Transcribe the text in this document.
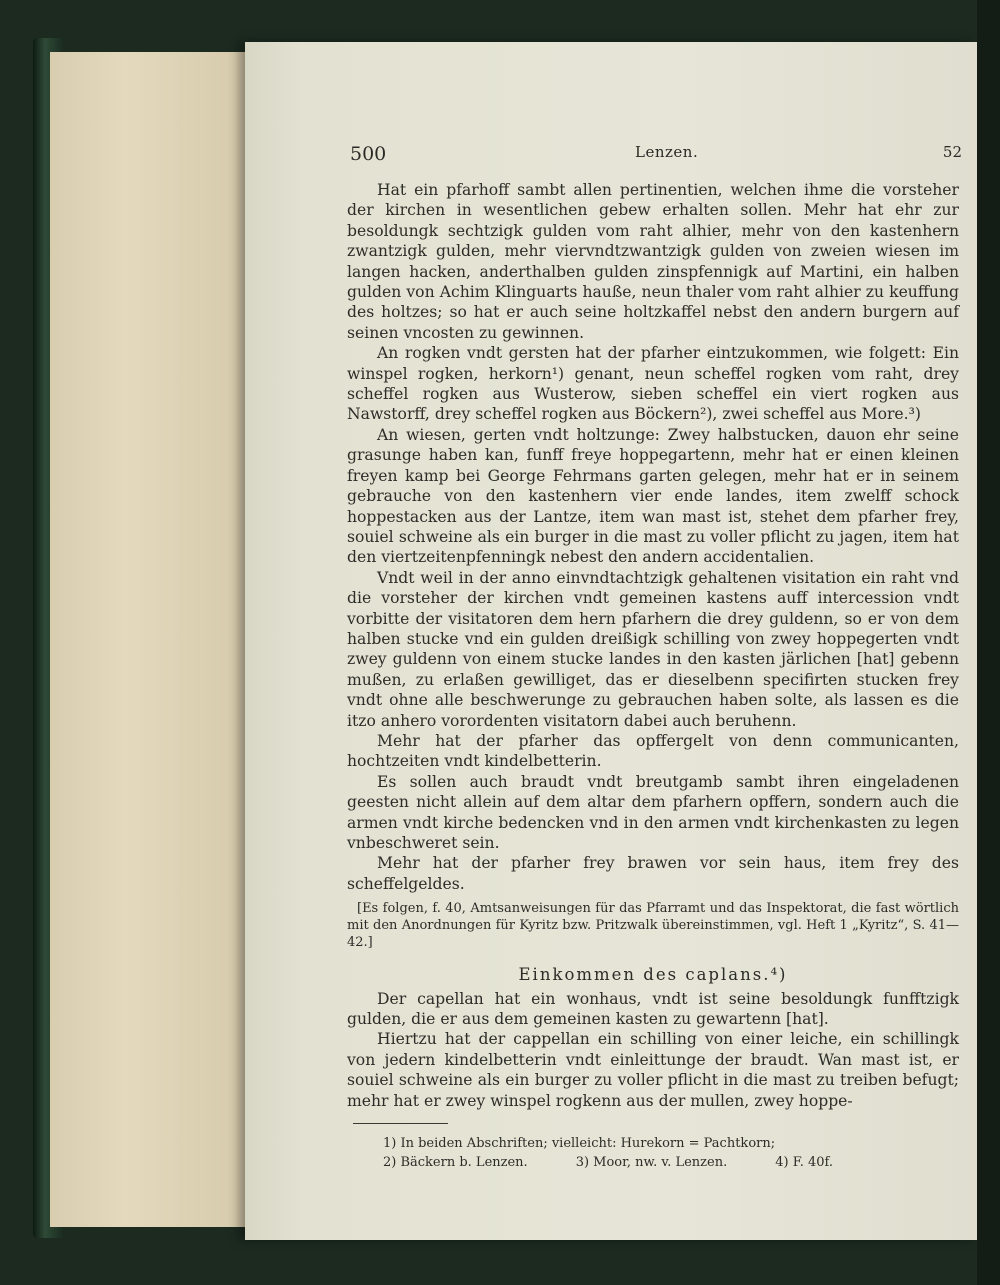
500	Lenzen.	52

Hat ein pfarhoff sambt allen pertinentien, welchen ihme die vorsteher der kirchen in wesentlichen gebew erhalten sollen. Mehr hat ehr zur besoldungk sechtzigk gulden vom raht alhier, mehr von den kastenhern zwantzigk gulden, mehr viervndtzwantzigk gulden von zweien wiesen im langen hacken, anderthalben gulden zinspfennigk auf Martini, ein halben gulden von Achim Klinguarts hauße, neun thaler vom raht alhier zu keuffung des holtzes; so hat er auch seine holtzkaffel nebst den andern burgern auf seinen vncosten zu gewinnen.

An rogken vndt gersten hat der pfarher eintzukommen, wie folgett: Ein winspel rogken, herkorn¹) genant, neun scheffel rogken vom raht, drey scheffel rogken aus Wusterow, sieben scheffel ein viert rogken aus Nawstorff, drey scheffel rogken aus Böckern²), zwei scheffel aus More.³)

An wiesen, gerten vndt holtzunge: Zwey halbstucken, dauon ehr seine grasunge haben kan, funff freye hoppegartenn, mehr hat er einen kleinen freyen kamp bei George Fehrmans garten gelegen, mehr hat er in seinem gebrauche von den kastenhern vier ende landes, item zwelff schock hoppestacken aus der Lantze, item wan mast ist, stehet dem pfarher frey, souiel schweine als ein burger in die mast zu voller pflicht zu jagen, item hat den viertzeitenpfenningk nebest den andern accidentalien.

Vndt weil in der anno einvndtachtzigk gehaltenen visitation ein raht vnd die vorsteher der kirchen vndt gemeinen kastens auff intercession vndt vorbitte der visitatoren dem hern pfarhern die drey guldenn, so er von dem halben stucke vnd ein gulden dreißigk schilling von zwey hoppegerten vndt zwey guldenn von einem stucke landes in den kasten järlichen [hat] gebenn mußen, zu erlaßen gewilliget, das er dieselbenn specifirten stucken frey vndt ohne alle beschwerunge zu gebrauchen haben solte, als lassen es die itzo anhero vorordenten visitatorn dabei auch beruhenn.

Mehr hat der pfarher das opffergelt von denn communicanten, hochtzeiten vndt kindelbetterin.

Es sollen auch braudt vndt breutgamb sambt ihren eingeladenen geesten nicht allein auf dem altar dem pfarhern opffern, sondern auch die armen vndt kirche bedencken vnd in den armen vndt kirchenkasten zu legen vnbeschweret sein.

Mehr hat der pfarher frey brawen vor sein haus, item frey des scheffelgeldes.

[Es folgen, f. 40, Amtsanweisungen für das Pfarramt und das Inspektorat, die fast wörtlich mit den Anordnungen für Kyritz bzw. Pritzwalk übereinstimmen, vgl. Heft 1 „Kyritz“, S. 41—42.]

Einkommen des caplans.⁴)

Der capellan hat ein wonhaus, vndt ist seine besoldungk funfftzigk gulden, die er aus dem gemeinen kasten zu gewartenn [hat].

Hiertzu hat der cappellan ein schilling von einer leiche, ein schillingk von jedern kindelbetterin vndt einleittunge der braudt. Wan mast ist, er souiel schweine als ein burger zu voller pflicht in die mast zu treiben befugt; mehr hat er zwey winspel rogkenn aus der mullen, zwey hoppe-

1) In beiden Abschriften; vielleicht: Hurekorn = Pachtkorn;
2) Bäckern b. Lenzen.	3) Moor, nw. v. Lenzen.	4) F. 40f.
